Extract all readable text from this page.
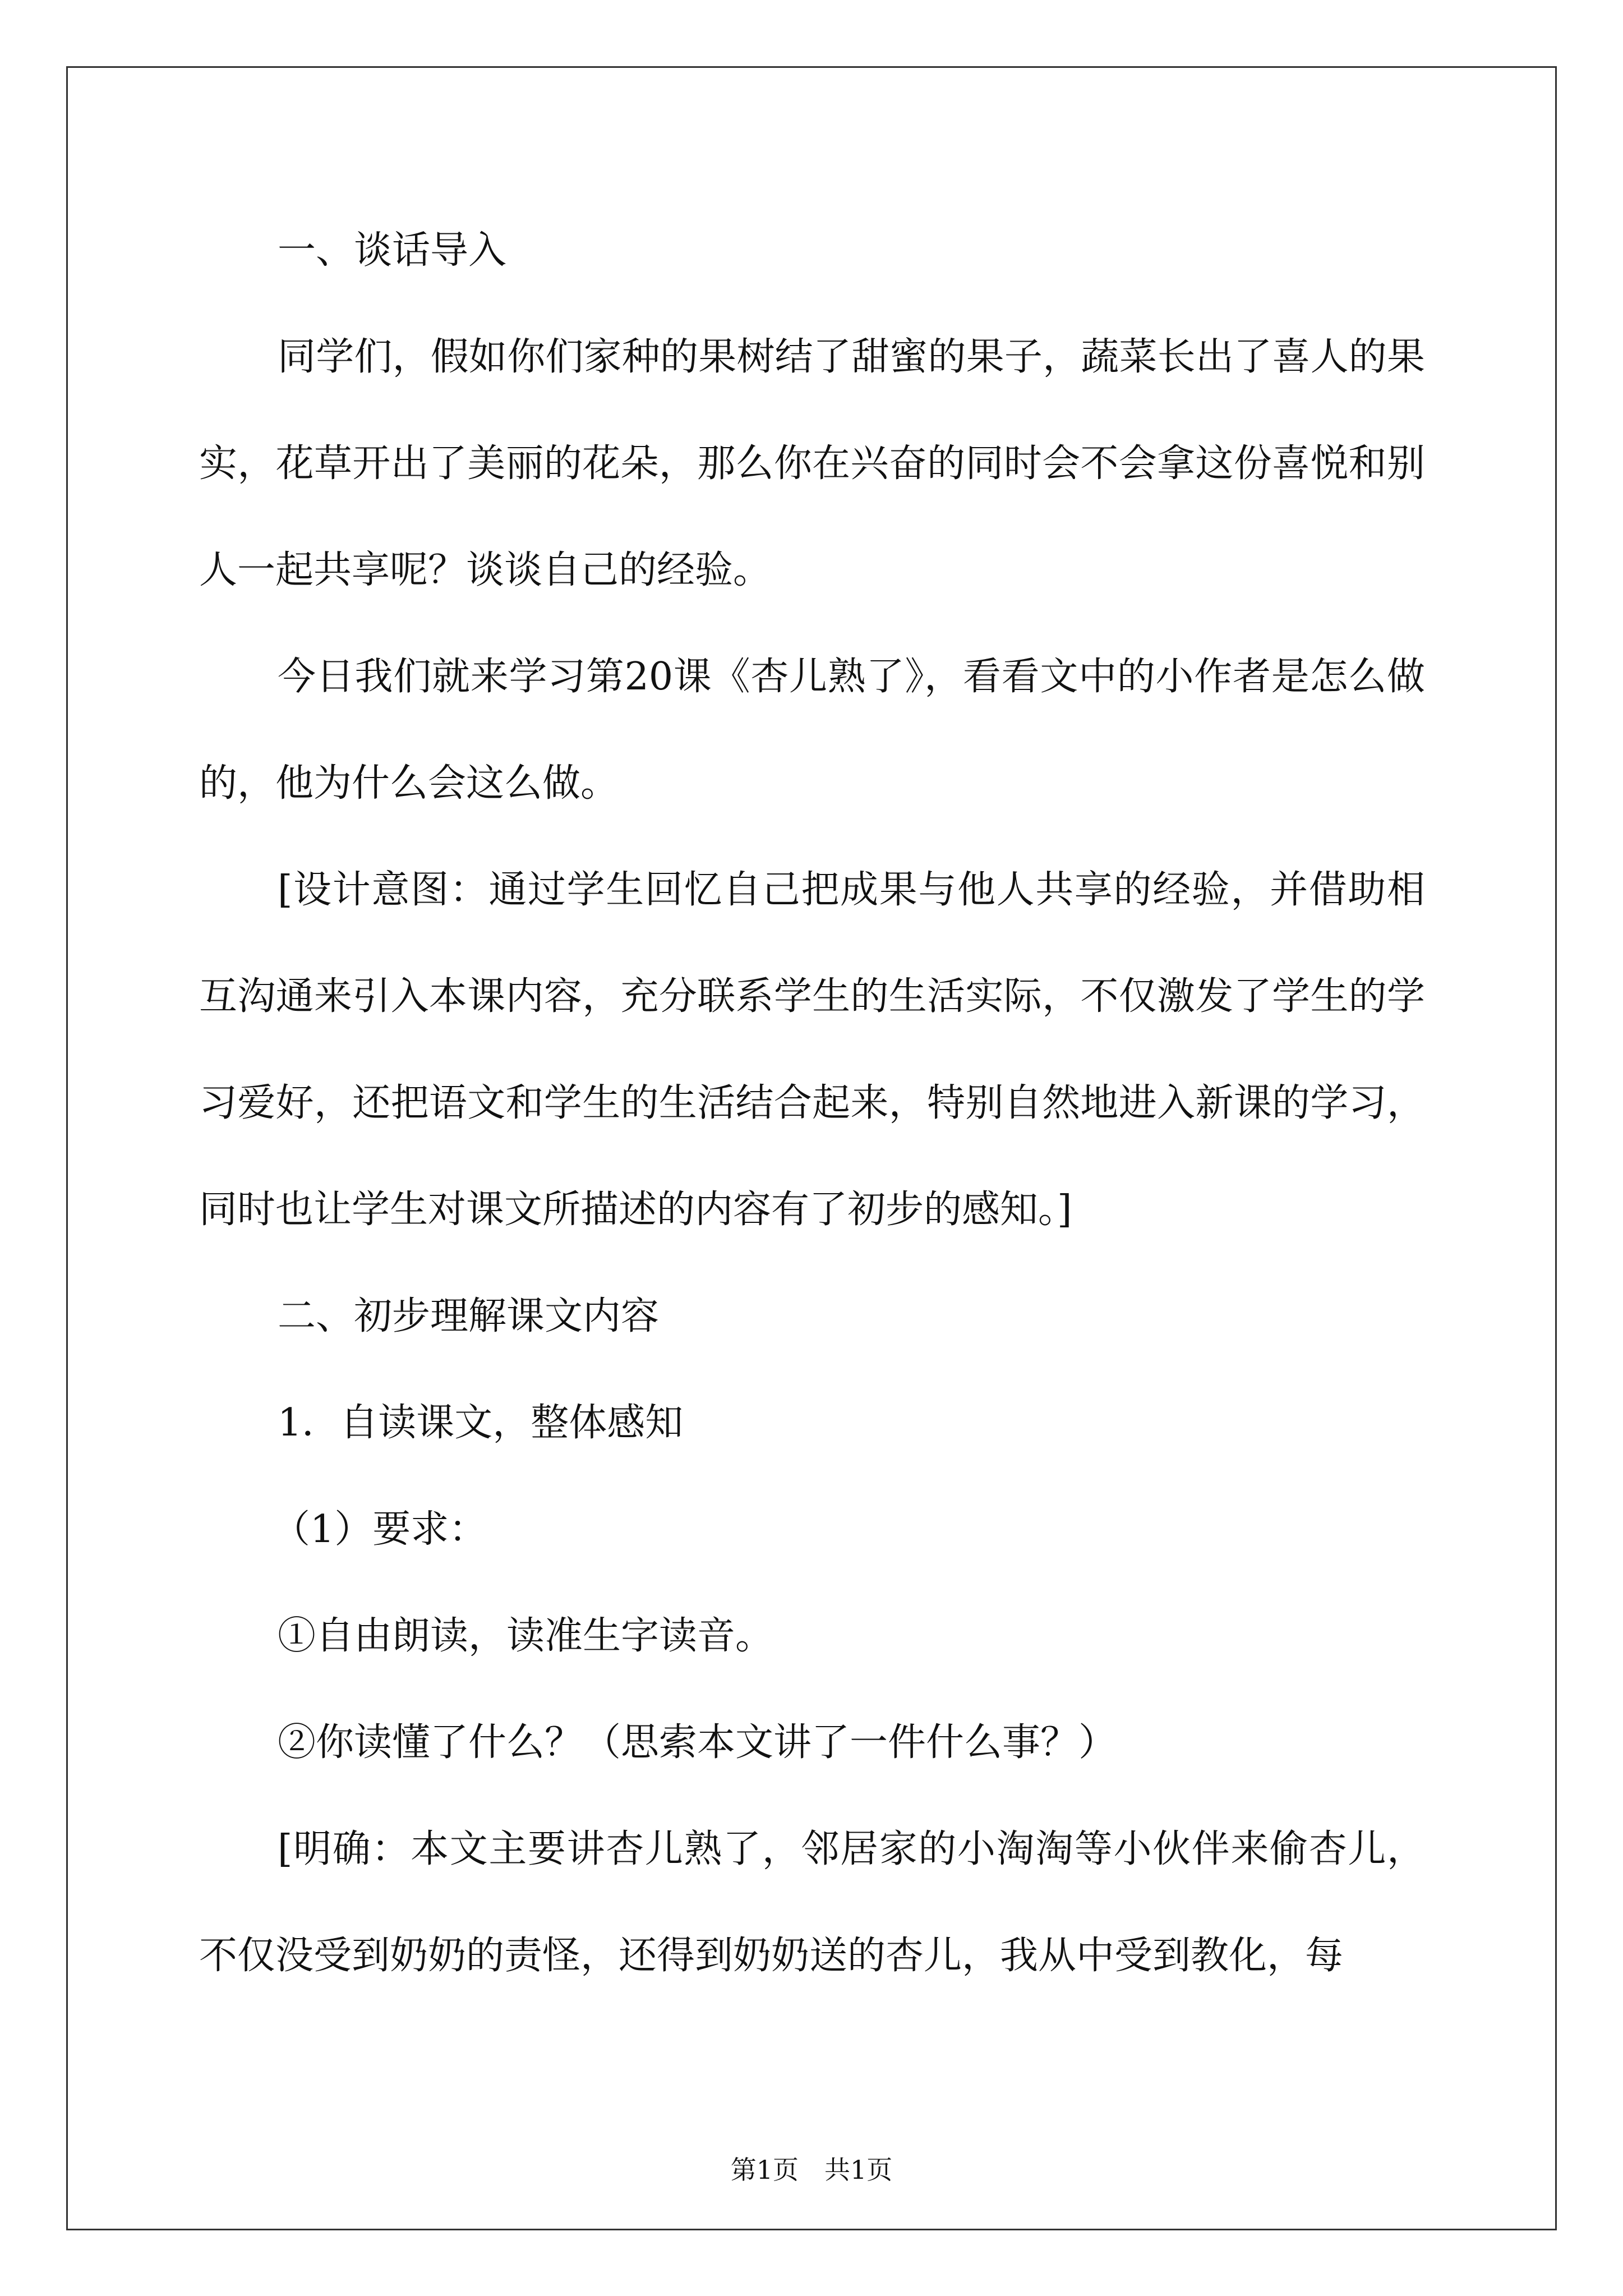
一、谈话导入

同学们，假如你们家种的果树结了甜蜜的果子，蔬菜长出了喜人的果实，花草开出了美丽的花朵，那么你在兴奋的同时会不会拿这份喜悦和别人一起共享呢？谈谈自己的经验。

今日我们就来学习第20课《杏儿熟了》，看看文中的小作者是怎么做的，他为什么会这么做。

[设计意图：通过学生回忆自己把成果与他人共享的经验，并借助相互沟通来引入本课内容，充分联系学生的生活实际，不仅激发了学生的学习爱好，还把语文和学生的生活结合起来，特别自然地进入新课的学习，同时也让学生对课文所描述的内容有了初步的感知。]

二、初步理解课文内容

1．自读课文，整体感知

（1）要求：

①自由朗读，读准生字读音。

②你读懂了什么？（思索本文讲了一件什么事？）

[明确：本文主要讲杏儿熟了，邻居家的小淘淘等小伙伴来偷杏儿，不仅没受到奶奶的责怪，还得到奶奶送的杏儿，我从中受到教化，每

第1页　共1页
